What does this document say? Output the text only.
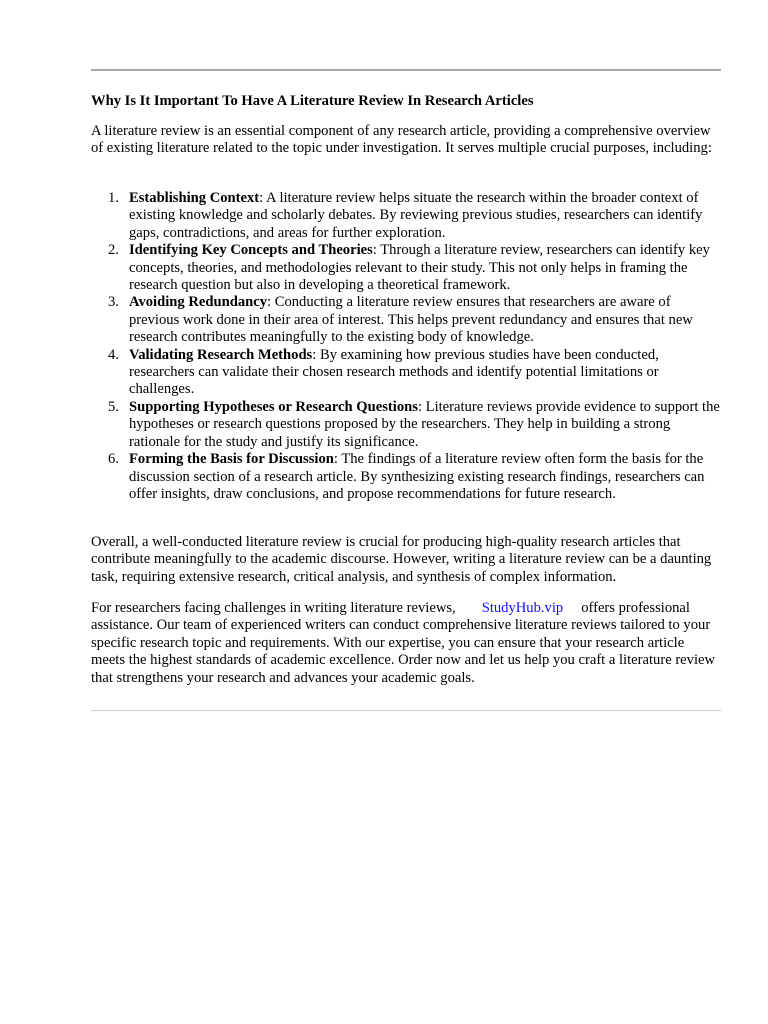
Why Is It Important To Have A Literature Review In Research Articles

A literature review is an essential component of any research article, providing a comprehensive overview of existing literature related to the topic under investigation. It serves multiple crucial purposes, including:

1. Establishing Context: A literature review helps situate the research within the broader context of existing knowledge and scholarly debates. By reviewing previous studies, researchers can identify gaps, contradictions, and areas for further exploration.
2. Identifying Key Concepts and Theories: Through a literature review, researchers can identify key concepts, theories, and methodologies relevant to their study. This not only helps in framing the research question but also in developing a theoretical framework.
3. Avoiding Redundancy: Conducting a literature review ensures that researchers are aware of previous work done in their area of interest. This helps prevent redundancy and ensures that new research contributes meaningfully to the existing body of knowledge.
4. Validating Research Methods: By examining how previous studies have been conducted, researchers can validate their chosen research methods and identify potential limitations or challenges.
5. Supporting Hypotheses or Research Questions: Literature reviews provide evidence to support the hypotheses or research questions proposed by the researchers. They help in building a strong rationale for the study and justify its significance.
6. Forming the Basis for Discussion: The findings of a literature review often form the basis for the discussion section of a research article. By synthesizing existing research findings, researchers can offer insights, draw conclusions, and propose recommendations for future research.

Overall, a well-conducted literature review is crucial for producing high-quality research articles that contribute meaningfully to the academic discourse. However, writing a literature review can be a daunting task, requiring extensive research, critical analysis, and synthesis of complex information.

For researchers facing challenges in writing literature reviews, StudyHub.vip offers professional assistance. Our team of experienced writers can conduct comprehensive literature reviews tailored to your specific research topic and requirements. With our expertise, you can ensure that your research article meets the highest standards of academic excellence. Order now and let us help you craft a literature review that strengthens your research and advances your academic goals.
